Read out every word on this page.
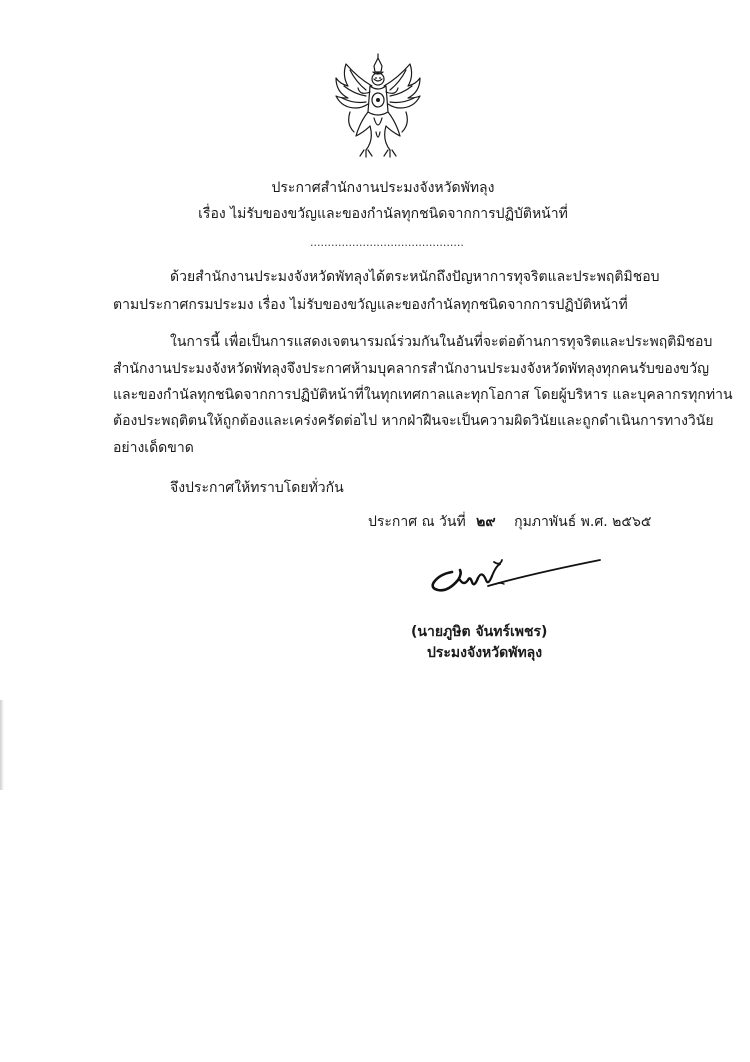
ประกาศสำนักงานประมงจังหวัดพัทลุง
เรื่อง ไม่รับของขวัญและของกำนัลทุกชนิดจากการปฏิบัติหน้าที่
............................................
ด้วยสำนักงานประมงจังหวัดพัทลุงได้ตระหนักถึงปัญหาการทุจริตและประพฤติมิชอบ
ตามประกาศกรมประมง เรื่อง ไม่รับของขวัญและของกำนัลทุกชนิดจากการปฏิบัติหน้าที่
ในการนี้ เพื่อเป็นการแสดงเจตนารมณ์ร่วมกันในอันที่จะต่อต้านการทุจริตและประพฤติมิชอบ
สำนักงานประมงจังหวัดพัทลุงจึงประกาศห้ามบุคลากรสำนักงานประมงจังหวัดพัทลุงทุกคนรับของขวัญ
และของกำนัลทุกชนิดจากการปฏิบัติหน้าที่ในทุกเทศกาลและทุกโอกาส โดยผู้บริหาร และบุคลากรทุกท่าน
ต้องประพฤติตนให้ถูกต้องและเคร่งครัดต่อไป หากฝ่าฝืนจะเป็นความผิดวินัยและถูกดำเนินการทางวินัย
อย่างเด็ดขาด
จึงประกาศให้ทราบโดยทั่วกัน
ประกาศ ณ วันที่ ๒๙ กุมภาพันธ์ พ.ศ. ๒๕๖๕
(นายภูษิต จันทร์เพชร)
ประมงจังหวัดพัทลุง
